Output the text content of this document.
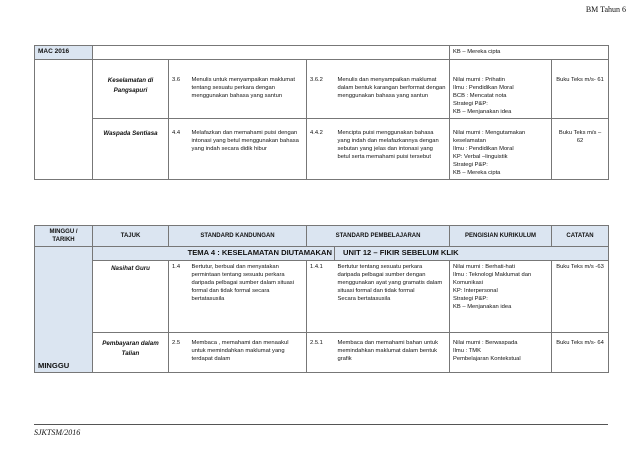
BM Tahun 6
MAC 2016						KB – Mereka cipta	
	Keselamatan di Pangsapuri	3.6	Menulis untuk menyampaikan maklumat tentang sesuatu perkara dengan menggunakan bahasa yang santun	3.6.2	Menulis dan menyampaikan maklumat dalam bentuk karangan berformat dengan menggunakan bahasa yang santun	Nilai murni : Prihatin
Ilmu : Pendidikan Moral
BCB : Mencatat nota
Strategi P&P:
KB – Menjanakan idea	Buku Teks m/s- 61
	Waspada Sentiasa	4.4	Melafazkan dan memahami puisi dengan intonasi yang betul menggunakan bahasa yang indah secara didik hibur	4.4.2	Mencipta puisi menggunakan bahasa yang indah dan melafazkannya dengan sebutan yang jelas dan intonasi yang betul serta memahami puisi tersebut	Nilai murni : Mengutamakan keselamatan
Ilmu : Pendidikan Moral
KP: Verbal –linguistik
Strategi P&P:
KB – Mereka cipta	Buku Teks m/s – 62
MINGGU / TARIKH	TAJUK	STANDARD KANDUNGAN		STANDARD PEMBELAJARAN		PENGISIAN KURIKULUM	CATATAN
MINGGU	TEMA 4 : KESELAMATAN DIUTAMAKAN				UNIT 12 – FIKIR SEBELUM KLIK		
	Nasihat Guru	1.4	Bertutur, berbual dan menyatakan permintaan tentang sesuatu perkara daripada pelbagai sumber dalam situasi formal dan tidak formal secara bertatasusila	1.4.1	Bertutur tentang sesuatu perkara daripada pelbagai sumber dengan menggunakan ayat yang gramatis dalam situasi formal dan tidak formal
Secara bertatasusila	Nilai murni : Berhati-hati
Ilmu : Teknologi Maklumat dan Komunikasi
KP: Interpersonal
Strategi P&P:
KB – Menjanakan idea	Buku Teks m/s -63
	Pembayaran dalam Talian	2.5	Membaca , memahami dan menaakul untuk memindahkan maklumat yang terdapat dalam	2.5.1	Membaca dan memahami bahan untuk memindahkan maklumat dalam bentuk grafik	Nilai murni : Berwaspada
Ilmu : TMK
Pembelajaran Kontekstual	Buku Teks m/s- 64
SJKTSM/2016
